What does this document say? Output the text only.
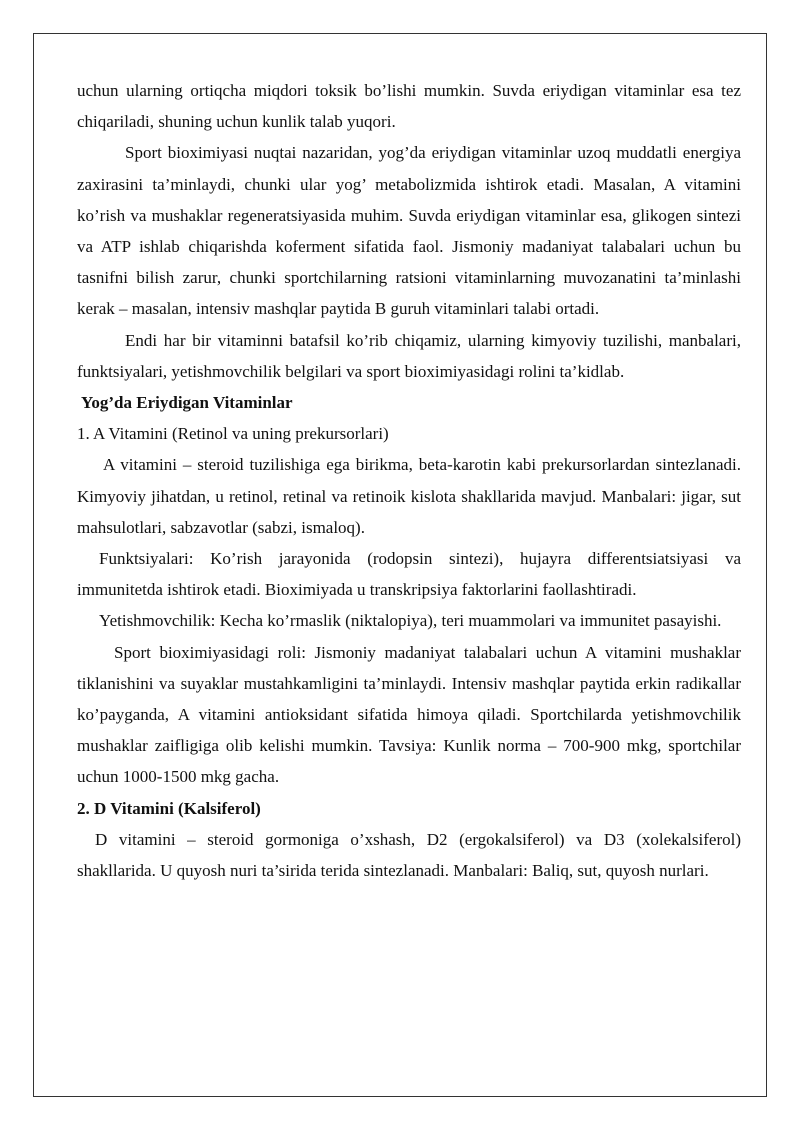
uchun ularning ortiqcha miqdori toksik bo’lishi mumkin. Suvda eriydigan vitaminlar esa tez chiqariladi, shuning uchun kunlik talab yuqori.

Sport bioximiyasi nuqtai nazaridan, yog’da eriydigan vitaminlar uzoq muddatli energiya zaxirasini ta’minlaydi, chunki ular yog’ metabolizmida ishtirok etadi. Masalan, A vitamini ko’rish va mushaklar regeneratsiyasida muhim. Suvda eriydigan vitaminlar esa, glikogen sintezi va ATP ishlab chiqarishda koferment sifatida faol. Jismoniy madaniyat talabalari uchun bu tasnifni bilish zarur, chunki sportchilarning ratsioni vitaminlarning muvozanatini ta’minlashi kerak – masalan, intensiv mashqlar paytida B guruh vitaminlari talabi ortadi.

Endi har bir vitaminni batafsil ko’rib chiqamiz, ularning kimyoviy tuzilishi, manbalari, funktsiyalari, yetishmovchilik belgilari va sport bioximiyasidagi rolini ta’kidlab.

Yog’da Eriydigan Vitaminlar

1. A Vitamini (Retinol va uning prekursorlari)

A vitamini – steroid tuzilishiga ega birikma, beta-karotin kabi prekursorlardan sintezlanadi. Kimyoviy jihatdan, u retinol, retinal va retinoik kislota shakllarida mavjud. Manbalari: jigar, sut mahsulotlari, sabzavotlar (sabzi, ismaloq).

Funktsiyalari: Ko’rish jarayonida (rodopsin sintezi), hujayra differentsiatsiyasi va immunitetda ishtirok etadi. Bioximiyada u transkripsiya faktorlarini faollashtiradi.

Yetishmovchilik: Kecha ko’rmaslik (niktalopiya), teri muammolari va immunitet pasayishi.

Sport bioximiyasidagi roli: Jismoniy madaniyat talabalari uchun A vitamini mushaklar tiklanishini va suyaklar mustahkamligini ta’minlaydi. Intensiv mashqlar paytida erkin radikallar ko’payganda, A vitamini antioksidant sifatida himoya qiladi. Sportchilarda yetishmovchilik mushaklar zaifligiga olib kelishi mumkin. Tavsiya: Kunlik norma – 700-900 mkg, sportchilar uchun 1000-1500 mkg gacha.

2. D Vitamini (Kalsiferol)

D vitamini – steroid gormoniga o’xshash, D2 (ergokalsiferol) va D3 (xolekalsiferol) shakllarida. U quyosh nuri ta’sirida terida sintezlanadi. Manbalari: Baliq, sut, quyosh nurlari.
